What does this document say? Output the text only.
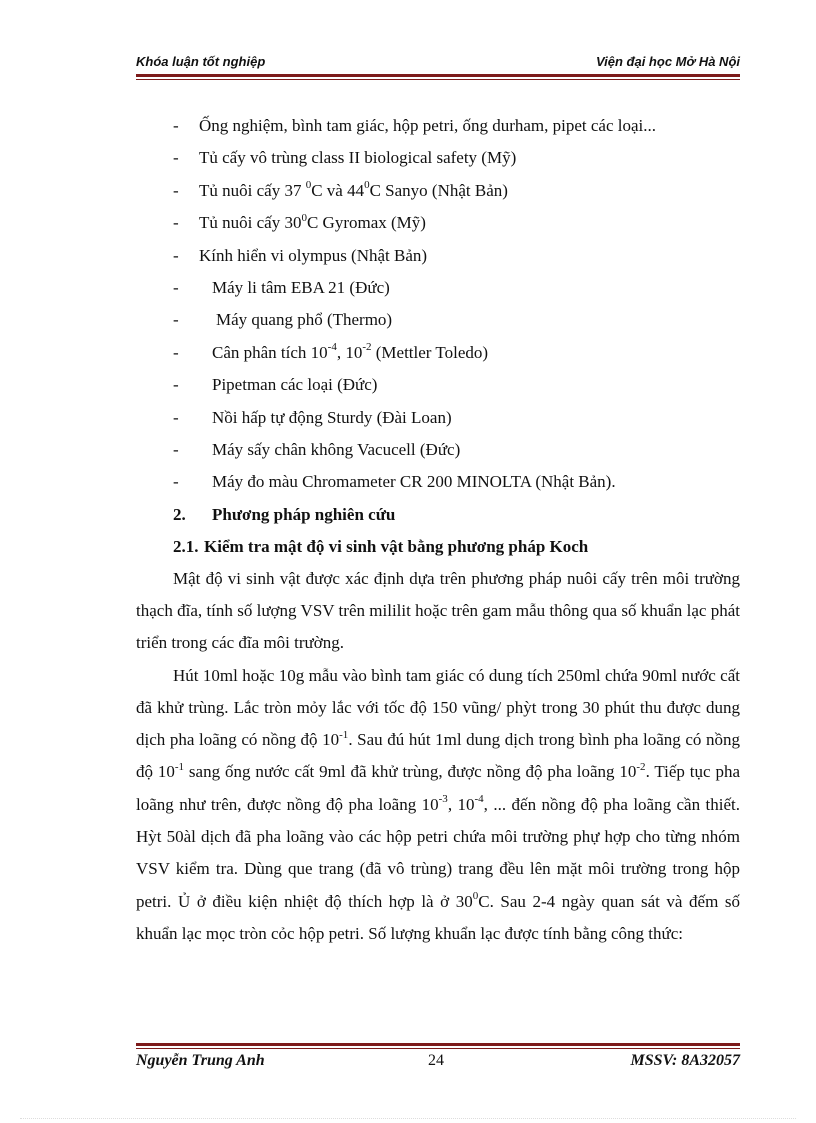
Khóa luận tốt nghiệp	Viện đại học Mở Hà Nội
- Ống nghiệm, bình tam giác, hộp petri, ống durham, pipet các loại...
- Tủ cấy vô trùng class II biological safety (Mỹ)
- Tủ nuôi cấy 37 $^0$C và $44^0C$ Sanyo (Nhật Bản)
- Tủ nuôi cấy $30^0C$ Gyromax (Mỹ)
- Kính hiển vi olympus (Nhật Bản)
- Máy li tâm EBA 21 (Đức)
- Máy quang phổ (Thermo)
- Cân phân tích $10^{-4}$, $10^{-2}$ (Mettler Toledo)
- Pipetman các loại (Đức)
- Nồi hấp tự động Sturdy (Đài Loan)
- Máy sấy chân không Vacucell (Đức)
- Máy đo màu Chromameter CR 200 MINOLTA (Nhật Bản).
2. Phương pháp nghiên cứu
2.1. Kiểm tra mật độ vi sinh vật bằng phương pháp Koch

Mật độ vi sinh vật được xác định dựa trên phương pháp nuôi cấy trên môi trường thạch đĩa, tính số lượng VSV trên mililit hoặc trên gam mẫu thông qua số khuẩn lạc phát triển trong các đĩa môi trường.

Hút 10ml hoặc 10g mẫu vào bình tam giác có dung tích 250ml chứa 90ml nước cất đã khử trùng. Lắc tròn mỏy lắc với tốc độ 150 vũng/ phỳt trong 30 phút thu được dung dịch pha loãng có nồng độ $10^{-1}$. Sau đú hút 1ml dung dịch trong bình pha loãng có nồng độ $10^{-1}$ sang ống nước cất 9ml đã khử trùng, được nồng độ pha loãng $10^{-2}$. Tiếp tục pha loãng như trên, được nồng độ pha loãng $10^{-3}$, $10^{-4}$, ... đến nồng độ pha loãng cần thiết. Hỳt 50àl dịch đã pha loãng vào các hộp petri chứa môi trường phự hợp cho từng nhóm VSV kiểm tra. Dùng que trang (đã vô trùng) trang đều lên mặt môi trường trong hộp petri. Ủ ở điều kiện nhiệt độ thích hợp là ở $30^0C$. Sau 2-4 ngày quan sát và đếm số khuẩn lạc mọc tròn cỏc hộp petri. Số lượng khuẩn lạc được tính bằng công thức:

Nguyễn Trung Anh	24	MSSV: 8A32057
